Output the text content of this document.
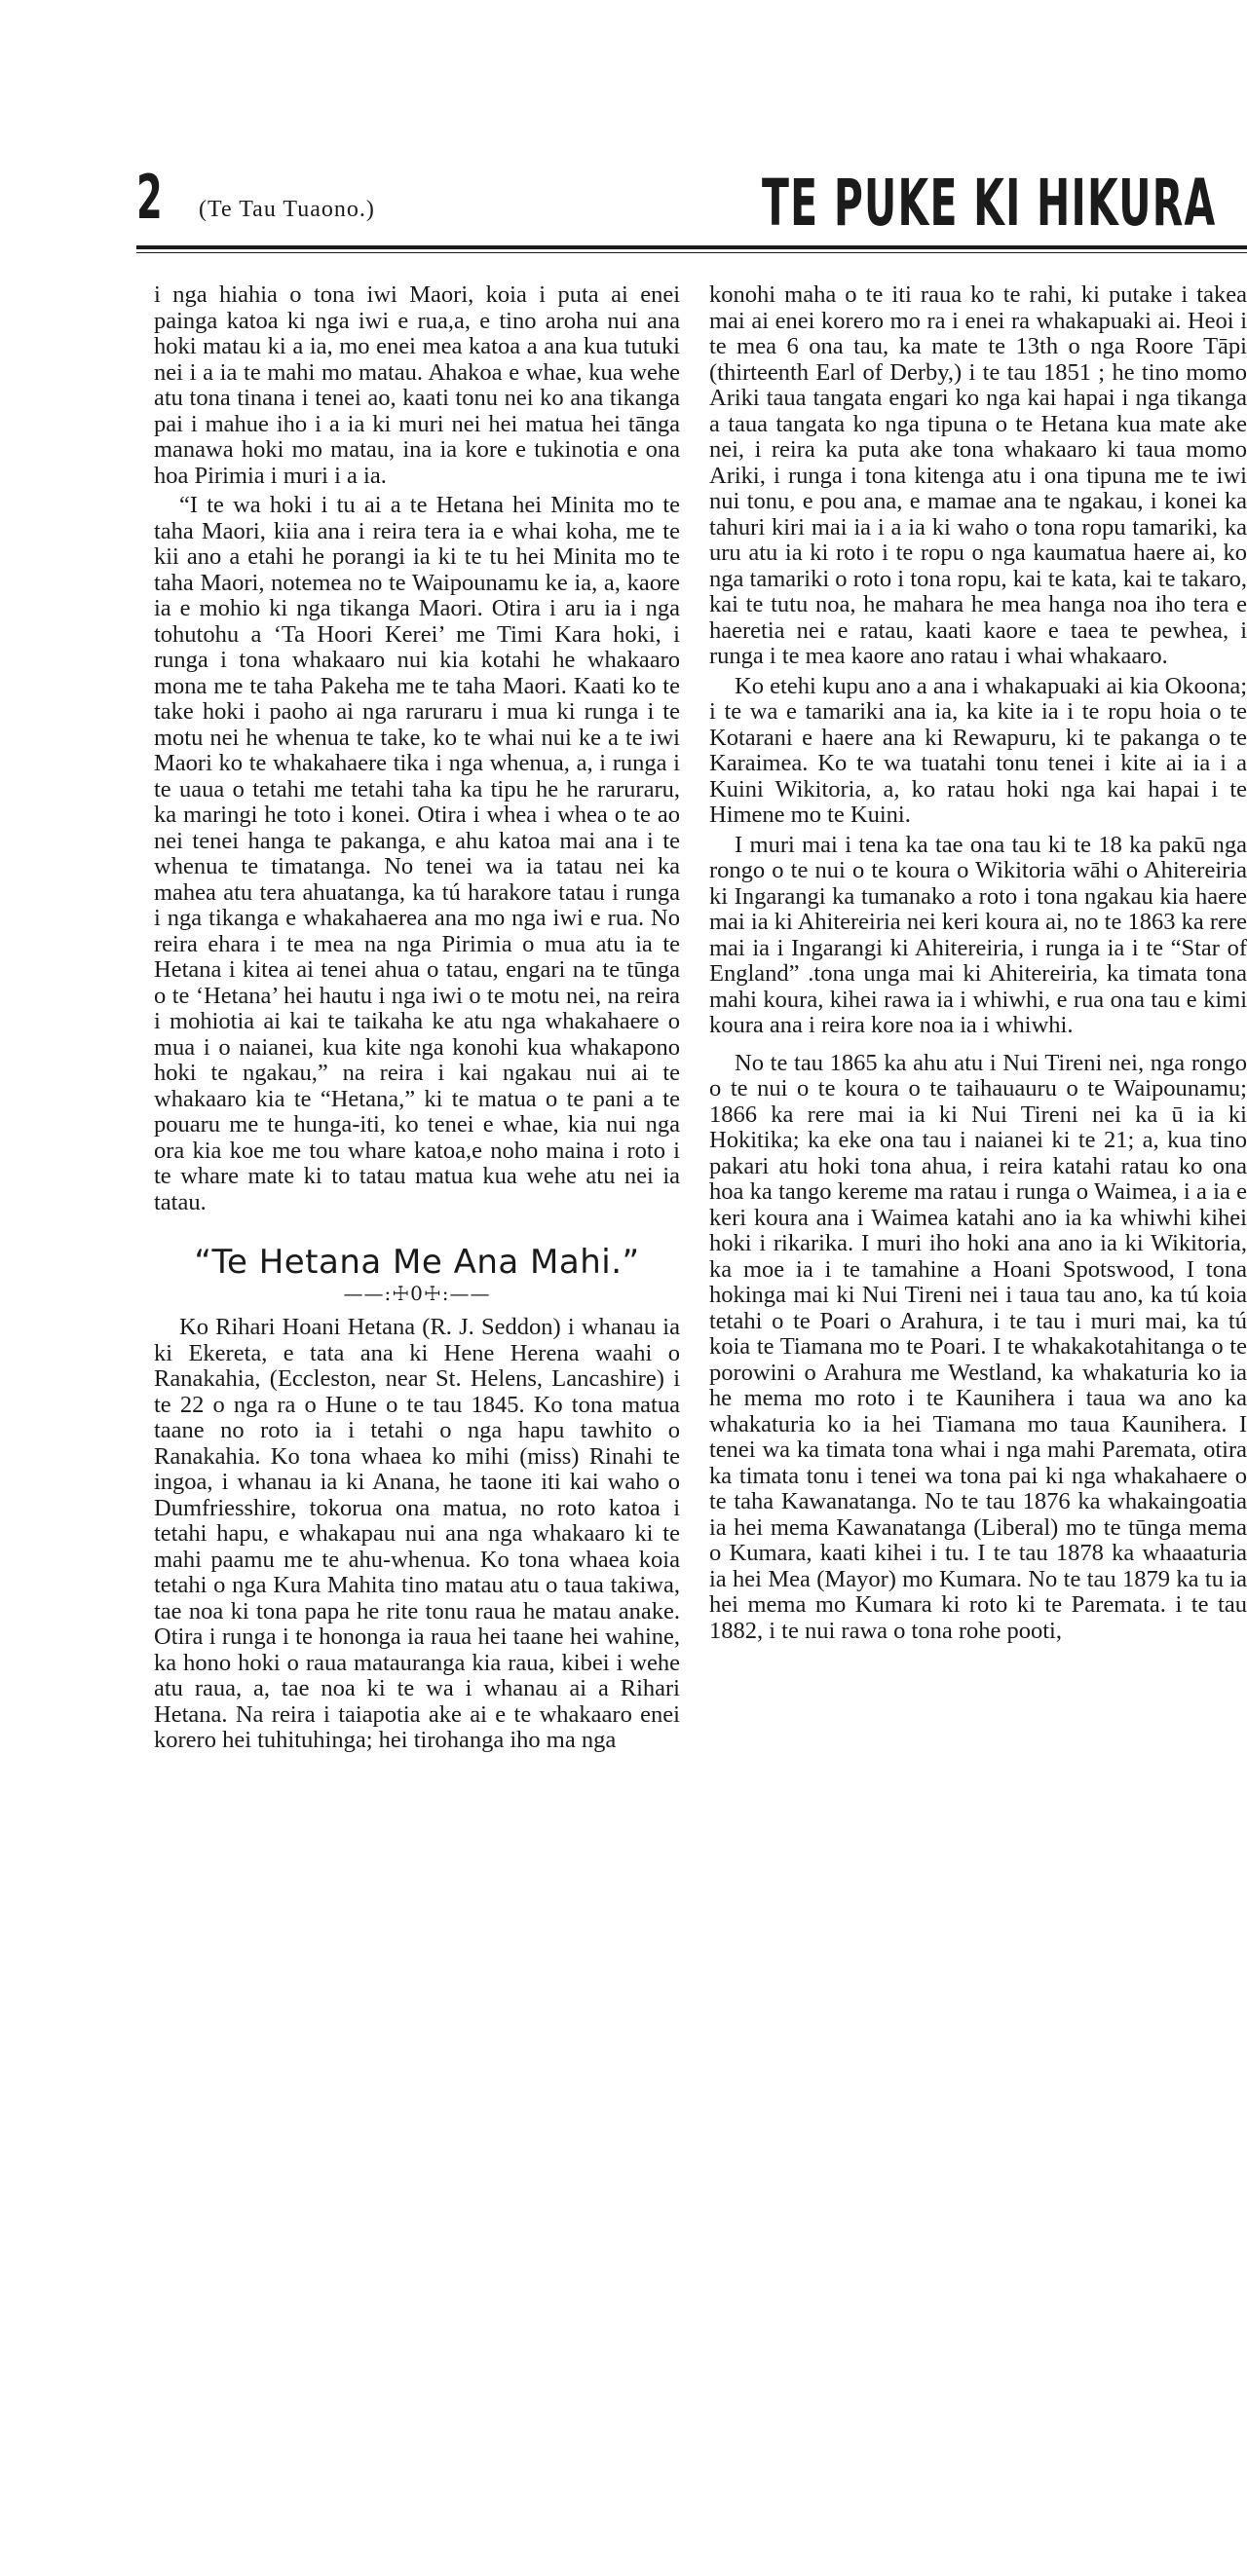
2 (Te Tau Tuaono.)	TE PUKE KI HIKURA

i nga hiahia o tona iwi Maori, koia i puta ai enei painga katoa ki nga iwi e rua,a, e tino aroha nui ana hoki matau ki a ia, mo enei mea katoa a ana kua tutuki nei i a ia te mahi mo matau. Ahakoa e whae, kua wehe atu tona tinana i tenei ao, kaati tonu nei ko ana tikanga pai i mahue iho i a ia ki muri nei hei matua hei tānga manawa hoki mo matau, ina ia kore e tukinotia e ona hoa Pirimia i muri i a ia.

“I te wa hoki i tu ai a te Hetana hei Minita mo te taha Maori, kiia ana i reira tera ia e whai koha, me te kii ano a etahi he porangi ia ki te tu hei Minita mo te taha Maori, notemea no te Waipounamu ke ia, a, kaore ia e mohio ki nga tikanga Maori. Otira i aru ia i nga tohutohu a ‘Ta Hoori Kerei’ me Timi Kara hoki, i runga i tona whakaaro nui kia kotahi he whakaaro mona me te taha Pakeha me te taha Maori. Kaati ko te take hoki i paoho ai nga raruraru i mua ki runga i te motu nei he whenua te take, ko te whai nui ke a te iwi Maori ko te whakahaere tika i nga whenua, a, i runga i te uaua o tetahi me tetahi taha ka tipu he he raruraru, ka maringi he toto i konei. Otira i whea i whea o te ao nei tenei hanga te pakanga, e ahu katoa mai ana i te whenua te timatanga. No tenei wa ia tatau nei ka mahea atu tera ahuatanga, ka tú harakore tatau i runga i nga tikanga e whakahaerea ana mo nga iwi e rua. No reira ehara i te mea na nga Pirimia o mua atu ia te Hetana i kitea ai tenei ahua o tatau, engari na te tūnga o te ‘Hetana’ hei hautu i nga iwi o te motu nei, na reira i mohiotia ai kai te taikaha ke atu nga whakahaere o mua i o naianei, kua kite nga konohi kua whakapono hoki te ngakau,” na reira i kai ngakau nui ai te whakaaro kia te “Hetana,” ki te matua o te pani a te pouaru me te hunga-iti, ko tenei e whae, kia nui nga ora kia koe me tou whare katoa,e noho maina i roto i te whare mate ki to tatau matua kua wehe atu nei ia tatau.

“Te Hetana Me Ana Mahi.”
——:☩0☩:——

Ko Rihari Hoani Hetana (R. J. Seddon) i whanau ia ki Ekereta, e tata ana ki Hene Herena waahi o Ranakahia, (Eccleston, near St. Helens, Lancashire) i te 22 o nga ra o Hune o te tau 1845. Ko tona matua taane no roto ia i tetahi o nga hapu tawhito o Ranakahia. Ko tona whaea ko mihi (miss) Rinahi te ingoa, i whanau ia ki Anana, he taone iti kai waho o Dumfriesshire, tokorua ona matua, no roto katoa i tetahi hapu, e whakapau nui ana nga whakaaro ki te mahi paamu me te ahu-whenua. Ko tona whaea koia tetahi o nga Kura Mahita tino matau atu o taua takiwa, tae noa ki tona papa he rite tonu raua he matau anake. Otira i runga i te hononga ia raua hei taane hei wahine, ka hono hoki o raua matauranga kia raua, kibei i wehe atu raua, a, tae noa ki te wa i whanau ai a Rihari Hetana. Na reira i taiapotia ake ai e te whakaaro enei korero hei tuhituhinga; hei tirohanga iho ma nga

konohi maha o te iti raua ko te rahi, ki putake i takea mai ai enei korero mo ra i enei ra whakapuaki ai. Heoi i te mea 6 ona tau, ka mate te 13th o nga Roore Tāpi (thirteenth Earl of Derby,) i te tau 1851 ; he tino momo Ariki taua tangata engari ko nga kai hapai i nga tikanga a taua tangata ko nga tipuna o te Hetana kua mate ake nei, i reira ka puta ake tona whakaaro ki taua momo Ariki, i runga i tona kitenga atu i ona tipuna me te iwi nui tonu, e pou ana, e mamae ana te ngakau, i konei ka tahuri kiri mai ia i a ia ki waho o tona ropu tamariki, ka uru atu ia ki roto i te ropu o nga kaumatua haere ai, ko nga tamariki o roto i tona ropu, kai te kata, kai te takaro, kai te tutu noa, he mahara he mea hanga noa iho tera e haeretia nei e ratau, kaati kaore e taea te pewhea, i runga i te mea kaore ano ratau i whai whakaaro.

Ko etehi kupu ano a ana i whakapuaki ai kia Okoona; i te wa e tamariki ana ia, ka kite ia i te ropu hoia o te Kotarani e haere ana ki Rewapuru, ki te pakanga o te Karaimea. Ko te wa tuatahi tonu tenei i kite ai ia i a Kuini Wikitoria, a, ko ratau hoki nga kai hapai i te Himene mo te Kuini.

I muri mai i tena ka tae ona tau ki te 18 ka pakū nga rongo o te nui o te koura o Wikitoria wāhi o Ahitereiria ki Ingarangi ka tumanako a roto i tona ngakau kia haere mai ia ki Ahitereiria nei keri koura ai, no te 1863 ka rere mai ia i Ingarangi ki Ahitereiria, i runga ia i te “Star of England” .tona unga mai ki Ahitereiria, ka timata tona mahi koura, kihei rawa ia i whiwhi, e rua ona tau e kimi koura ana i reira kore noa ia i whiwhi.

No te tau 1865 ka ahu atu i Nui Tireni nei, nga rongo o te nui o te koura o te taihauauru o te Waipounamu; 1866 ka rere mai ia ki Nui Tireni nei ka ū ia ki Hokitika; ka eke ona tau i naianei ki te 21; a, kua tino pakari atu hoki tona ahua, i reira katahi ratau ko ona hoa ka tango kereme ma ratau i runga o Waimea, i a ia e keri koura ana i Waimea katahi ano ia ka whiwhi kihei hoki i rikarika. I muri iho hoki ana ano ia ki Wikitoria, ka moe ia i te tamahine a Hoani Spotswood, I tona hokinga mai ki Nui Tireni nei i taua tau ano, ka tú koia tetahi o te Poari o Arahura, i te tau i muri mai, ka tú koia te Tiamana mo te Poari. I te whakakotahitanga o te porowini o Arahura me Westland, ka whakaturia ko ia he mema mo roto i te Kaunihera i taua wa ano ka whakaturia ko ia hei Tiamana mo taua Kaunihera. I tenei wa ka timata tona whai i nga mahi Paremata, otira ka timata tonu i tenei wa tona pai ki nga whakahaere o te taha Kawanatanga. No te tau 1876 ka whakaingoatia ia hei mema Kawanatanga (Liberal) mo te tūnga mema o Kumara, kaati kihei i tu. I te tau 1878 ka whaaaturia ia hei Mea (Mayor) mo Kumara. No te tau 1879 ka tu ia hei mema mo Kumara ki roto ki te Paremata. i te tau 1882, i te nui rawa o tona rohe pooti,
